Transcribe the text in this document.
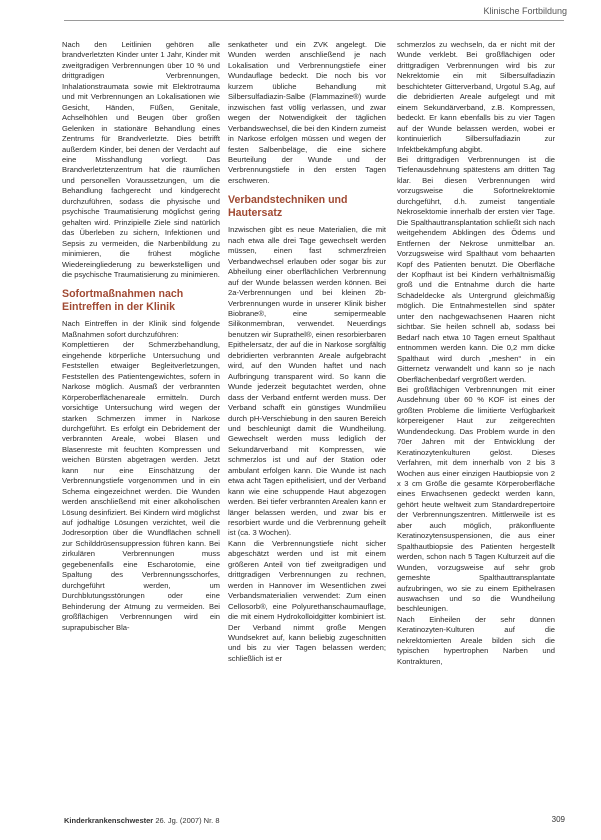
Klinische Fortbildung

Nach den Leitlinien gehören alle brandverletzten Kinder unter 1 Jahr, Kinder mit zweitgradigen Verbrennungen über 10 % und drittgradigen Verbrennungen, Inhalationstraumata sowie mit Elektrotrauma und mit Verbrennungen an Lokalisationen wie Gesicht, Händen, Füßen, Genitale, Achselhöhlen und Beugen über großen Gelenken in stationäre Behandlung eines Zentrums für Brandverletzte. Dies betrifft außerdem Kinder, bei denen der Verdacht auf eine Misshandlung vorliegt. Das Brandverletztenzentrum hat die räumlichen und personellen Voraussetzungen, um die Behandlung fachgerecht und kindgerecht durchzuführen, sodass die physische und psychische Traumatisierung möglichst gering gehalten wird. Prinzipielle Ziele sind natürlich das Überleben zu sichern, Infektionen und Sepsis zu vermeiden, die Narbenbildung zu minimieren, die frühest mögliche Wiedereingliederung zu bewerkstelligen und die psychische Traumatisierung zu minimieren.

Sofortmaßnahmen nach Eintreffen in der Klinik

Nach Eintreffen in der Klinik sind folgende Maßnahmen sofort durchzuführen:

Komplettieren der Schmerzbehandlung, eingehende körperliche Untersuchung und Feststellen etwaiger Begleitverletzungen, Feststellen des Patientengewichtes, sofern in Narkose möglich. Ausmaß der verbrannten Körperoberflächenareale ermitteln. Durch vorsichtige Untersuchung wird wegen der starken Schmerzen immer in Narkose durchgeführt. Es erfolgt ein Debridement der verbrannten Areale, wobei Blasen und Blasenreste mit feuchten Kompressen und weichen Bürsten abgetragen werden. Jetzt kann nur eine Einschätzung der Verbrennungstiefe vorgenommen und in ein Schema eingezeichnet werden. Die Wunden werden anschließend mit einer alkoholischen Lösung desinfiziert. Bei Kindern wird möglichst auf jodhaltige Lösungen verzichtet, weil die Jodresorption über die Wundflächen schnell zur Schilddrüsensuppression führen kann. Bei zirkulären Verbrennungen muss gegebenenfalls eine Escharotomie, eine Spaltung des Verbrennungsschorfes, durchgeführt werden, um Durchblutungsstörungen oder eine Behinderung der Atmung zu vermeiden. Bei großflächigen Verbrennungen wird ein suprapubischer Bla-

senkatheter und ein ZVK angelegt. Die Wunden werden anschließend je nach Lokalisation und Verbrennungstiefe einer Wundauflage bedeckt. Die noch bis vor kurzem übliche Behandlung mit Silbersulfadiazin-Salbe (Flammazine®) wurde inzwischen fast völlig verlassen, und zwar wegen der Notwendigkeit der täglichen Verbandswechsel, die bei den Kindern zumeist in Narkose erfolgen müssen und wegen der festen Salbenbeläge, die eine sichere Beurteilung der Wunde und der Verbrennungstiefe in den ersten Tagen erschweren.

Verbandstechniken und Hautersatz

Inzwischen gibt es neue Materialien, die mit nach etwa alle drei Tage gewechselt werden müssen, einen fast schmerzfreien Verbandwechsel erlauben oder sogar bis zur Abheilung einer oberflächlichen Verbrennung auf der Wunde belassen werden können. Bei 2a-Verbrennungen und bei kleinen 2b-Verbrennungen wurde in unserer Klinik bisher Biobrane®, eine semipermeable Silikonmembran, verwendet. Neuerdings benutzen wir Suprathel®, einen resorbierbaren Epithelersatz, der auf die in Narkose sorgfältig debridierten verbrannten Areale aufgebracht wird, auf den Wunden haftet und nach Aufbringung transparent wird. So kann die Wunde jederzeit begutachtet werden, ohne dass der Verband entfernt werden muss. Der Verband schafft ein günstiges Wundmilieu durch pH-Verschiebung in den sauren Bereich und beschleunigt damit die Wundheilung. Gewechselt werden muss lediglich der Sekundärverband mit Kompressen, wie schmerzlos ist und auf der Station oder ambulant erfolgen kann. Die Wunde ist nach etwa acht Tagen epithelisiert, und der Verband kann wie eine schuppende Haut abgezogen werden. Bei tiefer verbrannten Arealen kann er länger belassen werden, und zwar bis er resorbiert wurde und die Verbrennung geheilt ist (ca. 3 Wochen).

Kann die Verbrennungstiefe nicht sicher abgeschätzt werden und ist mit einem größeren Anteil von tief zweitgradigen und drittgradigen Verbrennungen zu rechnen, werden in Hannover im Wesentlichen zwei Verbandsmaterialien verwendet: Zum einen Cellosorb®, eine Polyurethanschaumauflage, die mit einem Hydrokolloidgitter kombiniert ist. Der Verband nimmt große Mengen Wundsekret auf, kann beliebig zugeschnitten und bis zu vier Tagen belassen werden; schließlich ist er

schmerzlos zu wechseln, da er nicht mit der Wunde verklebt. Bei großflächigen oder drittgradigen Verbrennungen wird bis zur Nekrektomie ein mit Silbersulfadiazin beschichteter Gitterverband, Urgotul S.Ag, auf die debridierten Areale aufgelegt und mit einem Sekundärverband, z.B. Kompressen, bedeckt. Er kann ebenfalls bis zu vier Tagen auf der Wunde belassen werden, wobei er kontinuierlich Silbersulfadiazin zur Infektbekämpfung abgibt.

Bei drittgradigen Verbrennungen ist die Tiefenausdehnung spätestens am dritten Tag klar. Bei diesen Verbrennungen wird vorzugsweise die Sofortnekrektomie durchgeführt, d.h. zumeist tangentiale Nekrosektomie innerhalb der ersten vier Tage. Die Spalthauttransplantation schließt sich nach weitgehendem Abklingen des Ödems und Entfernen der Nekrose unmittelbar an. Vorzugsweise wird Spalthaut vom behaarten Kopf des Patienten benutzt. Die Oberfläche der Kopfhaut ist bei Kindern verhältnismäßig groß und die Entnahme durch die harte Schädeldecke als Untergrund gleichmäßig möglich. Die Entnahmestellen sind später unter den nachgewachsenen Haaren nicht sichtbar. Sie heilen schnell ab, sodass bei Bedarf nach etwa 10 Tagen erneut Spalthaut entnommen werden kann. Die 0,2 mm dicke Spalthaut wird durch „meshen“ in ein Gitternetz verwandelt und kann so je nach Oberflächenbedarf vergrößert werden.

Bei großflächigen Verbrennungen mit einer Ausdehnung über 60 % KOF ist eines der größten Probleme die limitierte Verfügbarkeit körpereigener Haut zur zeitgerechten Wundendeckung. Das Problem wurde in den 70er Jahren mit der Entwicklung der Keratinozytenkulturen gelöst. Dieses Verfahren, mit dem innerhalb von 2 bis 3 Wochen aus einer einzigen Hautbiopsie von 2 x 3 cm Größe die gesamte Körperoberfläche eines Erwachsenen gedeckt werden kann, gehört heute weltweit zum Standardrepertoire der Verbrennungszentren. Mittlerweile ist es aber auch möglich, präkonfluente Keratinozytensuspensionen, die aus einer Spalthautbiopsie des Patienten hergestellt werden, schon nach 5 Tagen Kulturzeit auf die Wunden, vorzugsweise auf sehr grob gemeshte Spalthauttransplantate aufzubringen, wo sie zu einem Epithelrasen auswachsen und so die Wundheilung beschleunigen.

Nach Einheilen der sehr dünnen Keratinozyten-Kulturen auf die nekrektomierten Areale bilden sich die typischen hypertrophen Narben und Kontrakturen,

Kinderkrankenschwester 26. Jg. (2007) Nr. 8	309
